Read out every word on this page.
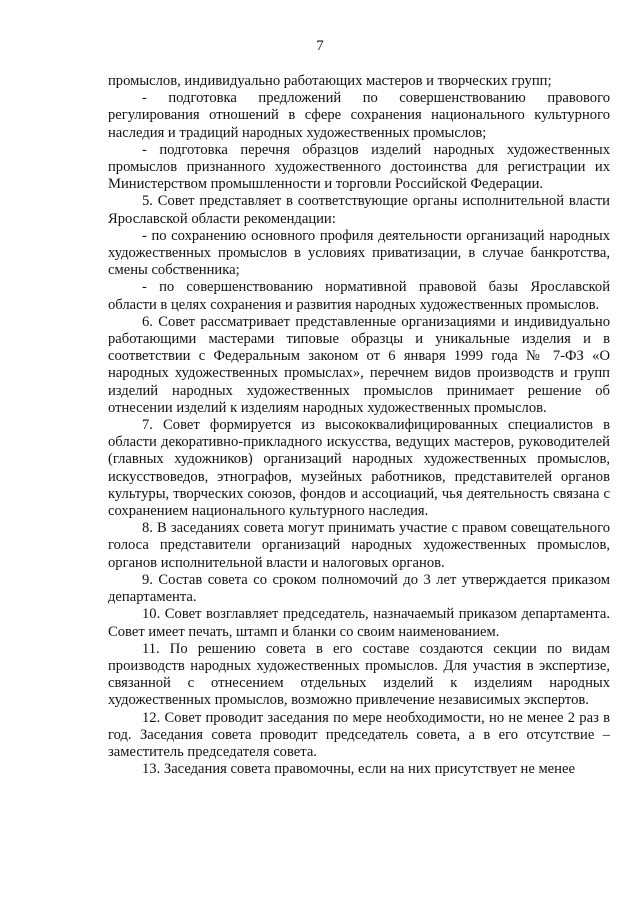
7

промыслов, индивидуально работающих мастеров и творческих групп;

- подготовка предложений по совершенствованию правового регулирования отношений в сфере сохранения национального культурного наследия и традиций народных художественных промыслов;

- подготовка перечня образцов изделий народных художественных промыслов признанного художественного достоинства для регистрации их Министерством промышленности и торговли Российской Федерации.

5. Совет представляет в соответствующие органы исполнительной власти Ярославской области рекомендации:

- по сохранению основного профиля деятельности организаций народных художественных промыслов в условиях приватизации, в случае банкротства, смены собственника;

- по совершенствованию нормативной правовой базы Ярославской области в целях сохранения и развития народных художественных промыслов.

6. Совет рассматривает представленные организациями и индивидуально работающими мастерами типовые образцы и уникальные изделия и в соответствии с Федеральным законом от 6 января 1999 года № 7-ФЗ «О народных художественных промыслах», перечнем видов производств и групп изделий народных художественных промыслов принимает решение об отнесении изделий к изделиям народных художественных промыслов.

7. Совет формируется из высококвалифицированных специалистов в области декоративно-прикладного искусства, ведущих мастеров, руководителей (главных художников) организаций народных художественных промыслов, искусствоведов, этнографов, музейных работников, представителей органов культуры, творческих союзов, фондов и ассоциаций, чья деятельность связана с сохранением национального культурного наследия.

8. В заседаниях совета могут принимать участие с правом совещательного голоса представители организаций народных художественных промыслов, органов исполнительной власти и налоговых органов.

9. Состав совета со сроком полномочий до 3 лет утверждается приказом департамента.

10. Совет возглавляет председатель, назначаемый приказом департамента. Совет имеет печать, штамп и бланки со своим наименованием.

11. По решению совета в его составе создаются секции по видам производств народных художественных промыслов. Для участия в экспертизе, связанной с отнесением отдельных изделий к изделиям народных художественных промыслов, возможно привлечение независимых экспертов.

12. Совет проводит заседания по мере необходимости, но не менее 2 раз в год. Заседания совета проводит председатель совета, а в его отсутствие – заместитель председателя совета.

13. Заседания совета правомочны, если на них присутствует не менее
